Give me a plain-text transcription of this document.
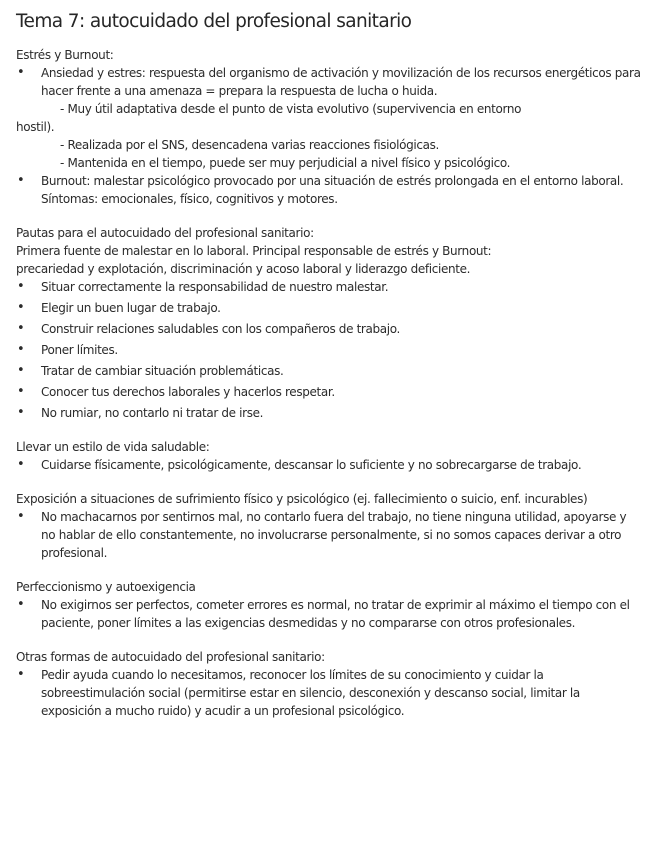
Tema 7: autocuidado del profesional sanitario

Estrés y Burnout:

• Ansiedad y estres: respuesta del organismo de activación y movilización de los recursos energéticos para hacer frente a una amenaza = prepara la respuesta de lucha o huida.

- Muy útil adaptativa desde el punto de vista evolutivo (supervivencia en entorno

hostil).

- Realizada por el SNS, desencadena varias reacciones fisiológicas.

- Mantenida en el tiempo, puede ser muy perjudicial a nivel físico y psicológico.

• Burnout: malestar psicológico provocado por una situación de estrés prolongada en el entorno laboral. Síntomas: emocionales, físico, cognitivos y motores.

Pautas para el autocuidado del profesional sanitario:

Primera fuente de malestar en lo laboral. Principal responsable de estrés y Burnout:

precariedad y explotación, discriminación y acoso laboral y liderazgo deficiente.

• Situar correctamente la responsabilidad de nuestro malestar.
• Elegir un buen lugar de trabajo.
• Construir relaciones saludables con los compañeros de trabajo.
• Poner límites.
• Tratar de cambiar situación problemáticas.
• Conocer tus derechos laborales y hacerlos respetar.
• No rumiar, no contarlo ni tratar de irse.

Llevar un estilo de vida saludable:

• Cuidarse físicamente, psicológicamente, descansar lo suficiente y no sobrecargarse de trabajo.

Exposición a situaciones de sufrimiento físico y psicológico (ej. fallecimiento o suicio, enf. incurables)

• No machacarnos por sentirnos mal, no contarlo fuera del trabajo, no tiene ninguna utilidad, apoyarse y no hablar de ello constantemente, no involucrarse personalmente, si no somos capaces derivar a otro profesional.

Perfeccionismo y autoexigencia

• No exigirnos ser perfectos, cometer errores es normal, no tratar de exprimir al máximo el tiempo con el paciente, poner límites a las exigencias desmedidas y no compararse con otros profesionales.

Otras formas de autocuidado del profesional sanitario:

• Pedir ayuda cuando lo necesitamos, reconocer los límites de su conocimiento y cuidar la sobreestimulación social (permitirse estar en silencio, desconexión y descanso social, limitar la exposición a mucho ruido) y acudir a un profesional psicológico.
